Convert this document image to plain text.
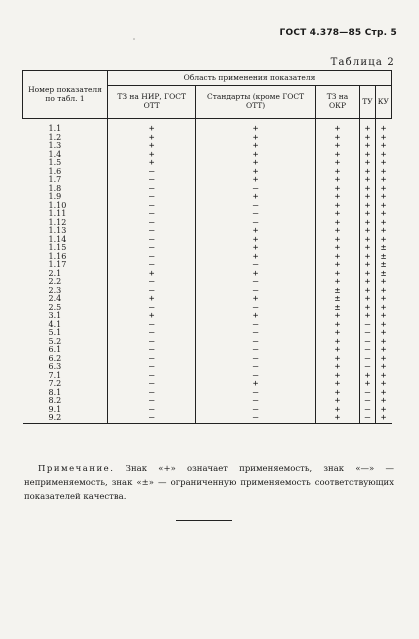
ГОСТ 4.378—85 Стр. 5
˙
Таблица 2
Номер показателя по табл. 1	Область применения показателя				
	ТЗ на НИР, ГОСТ ОТТ	Стандарты (кроме ГОСТ ОТТ)	ТЗ на ОКР	ТУ	КУ
1.1	+	+	+	+	+
1.2	+	+	+	+	+
1.3	+	+	+	+	+
1.4	+	+	+	+	+
1.5	+	+	+	+	+
1.6	—	+	+	+	+
1.7	—	+	+	+	+
1.8	—	—	+	+	+
1.9	—	+	+	+	+
1.10	—	—	+	+	+
1.11	—	—	+	+	+
1.12	—	—	+	+	+
1.13	—	+	+	+	+
1.14	—	+	+	+	+
1.15	—	+	+	+	±
1.16	—	+	+	+	±
1.17	—	—	+	+	±
2.1	+	+	+	+	±
2.2	—	—	+	+	+
2.3	—	—	±	+	+
2.4	+	+	±	+	+
2.5	—	—	±	+	+
3.1	+	+	+	+	+
4.1	—	—	+	—	+
5.1	—	—	+	—	+
5.2	—	—	+	—	+
6.1	—	—	+	—	+
6.2	—	—	+	—	+
6.3	—	—	+	—	+
7.1	—	—	+	+	+
7.2	—	+	+	+	+
8.1	—	—	+	—	+
8.2	—	—	+	—	+
9.1	—	—	+	—	+
9.2	—	—	+	—	+
Примечание. Знак «+» означает применяемость, знак «—» — неприменяемость, знак «±» — ограниченную применяемость соответствующих показателей качества.
